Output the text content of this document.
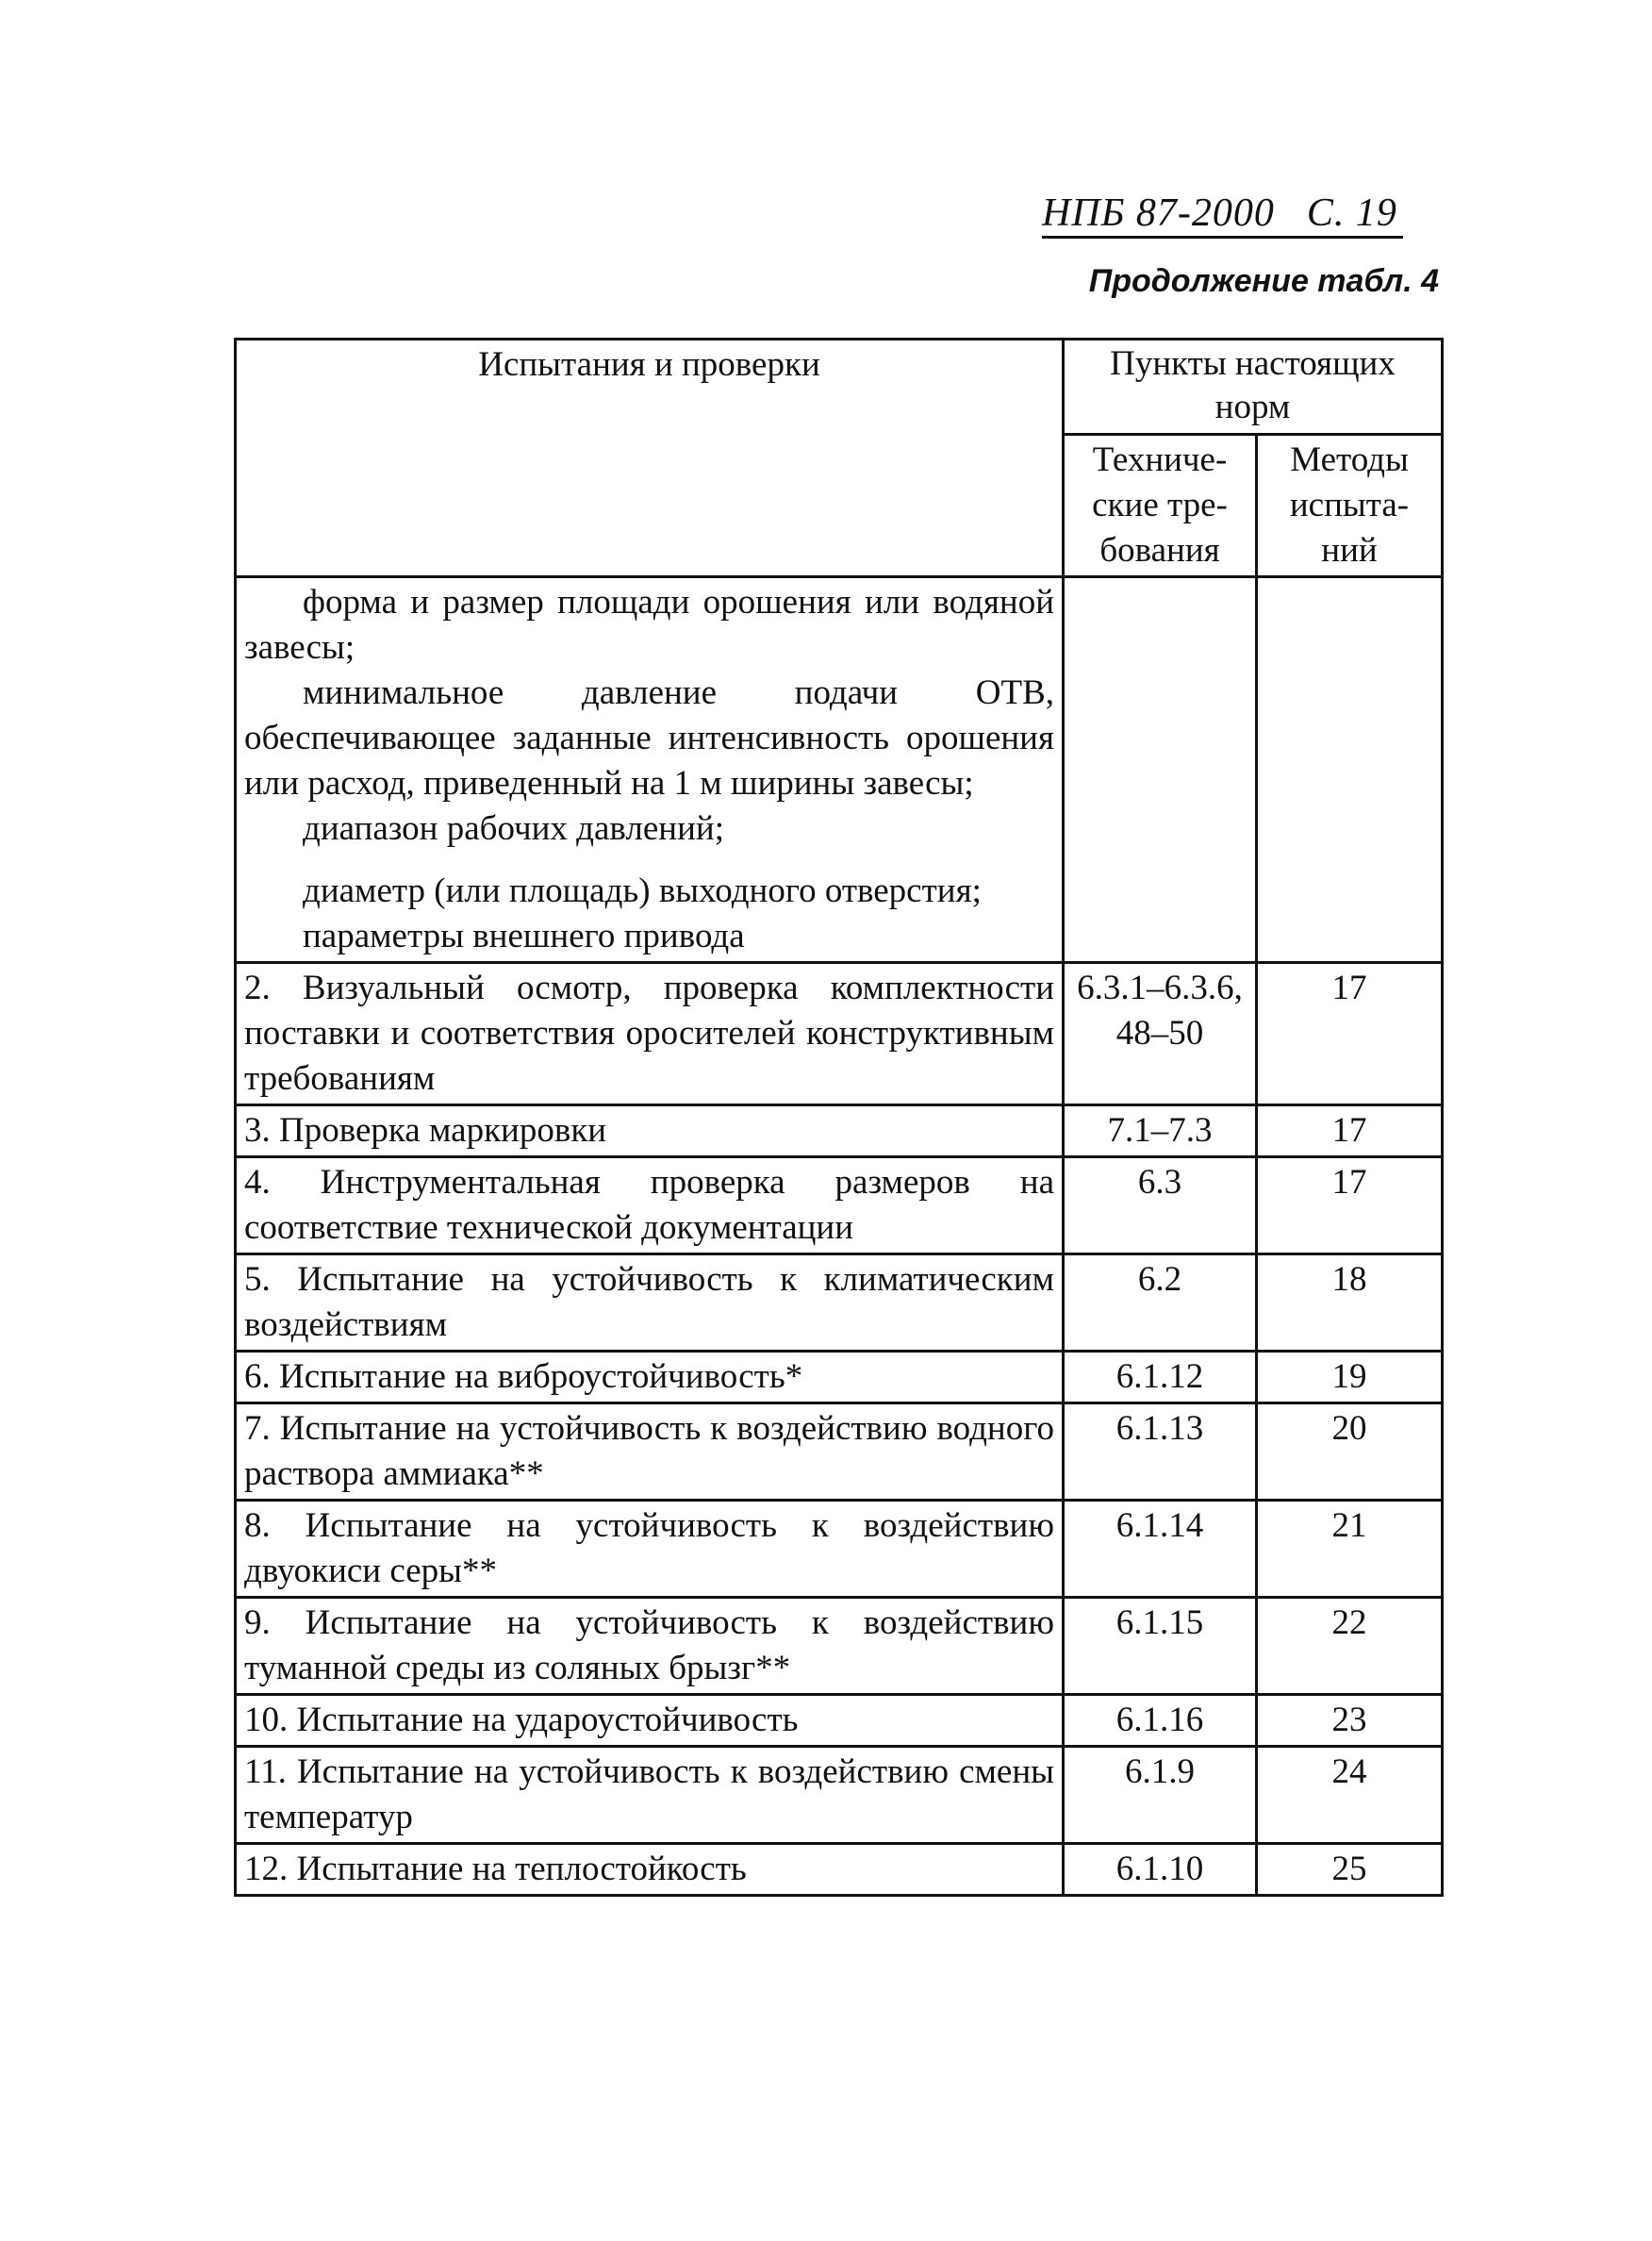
НПБ 87-2000 С. 19
Продолжение табл. 4
Испытания и проверки	Пункты настоящих норм	
	Техниче-ские тре-бования	Методы испыта-ний

форма и размер площади орошения или водяной завесы;

минимальное давление подачи ОТВ, обеспечивающее заданные интенсивность орошения или расход, приведенный на 1 м ширины завесы;

диапазон рабочих давлений;

диаметр (или площадь) выходного отверстия;

параметры внешнего привода		

2. Визуальный осмотр, проверка комплектности поставки и соответствия оросителей конструктивным требованиям	6.3.1–6.3.6, 48–50	17
3. Проверка маркировки	7.1–7.3	17
4. Инструментальная проверка размеров на соответствие технической документации	6.3	17
5. Испытание на устойчивость к климатическим воздействиям	6.2	18
6. Испытание на виброустойчивость*	6.1.12	19
7. Испытание на устойчивость к воздействию водного раствора аммиака**	6.1.13	20
8. Испытание на устойчивость к воздействию двуокиси серы**	6.1.14	21
9. Испытание на устойчивость к воздействию туманной среды из соляных брызг**	6.1.15	22
10. Испытание на удароустойчивость	6.1.16	23
11. Испытание на устойчивость к воздействию смены температур	6.1.9	24
12. Испытание на теплостойкость	6.1.10	25
